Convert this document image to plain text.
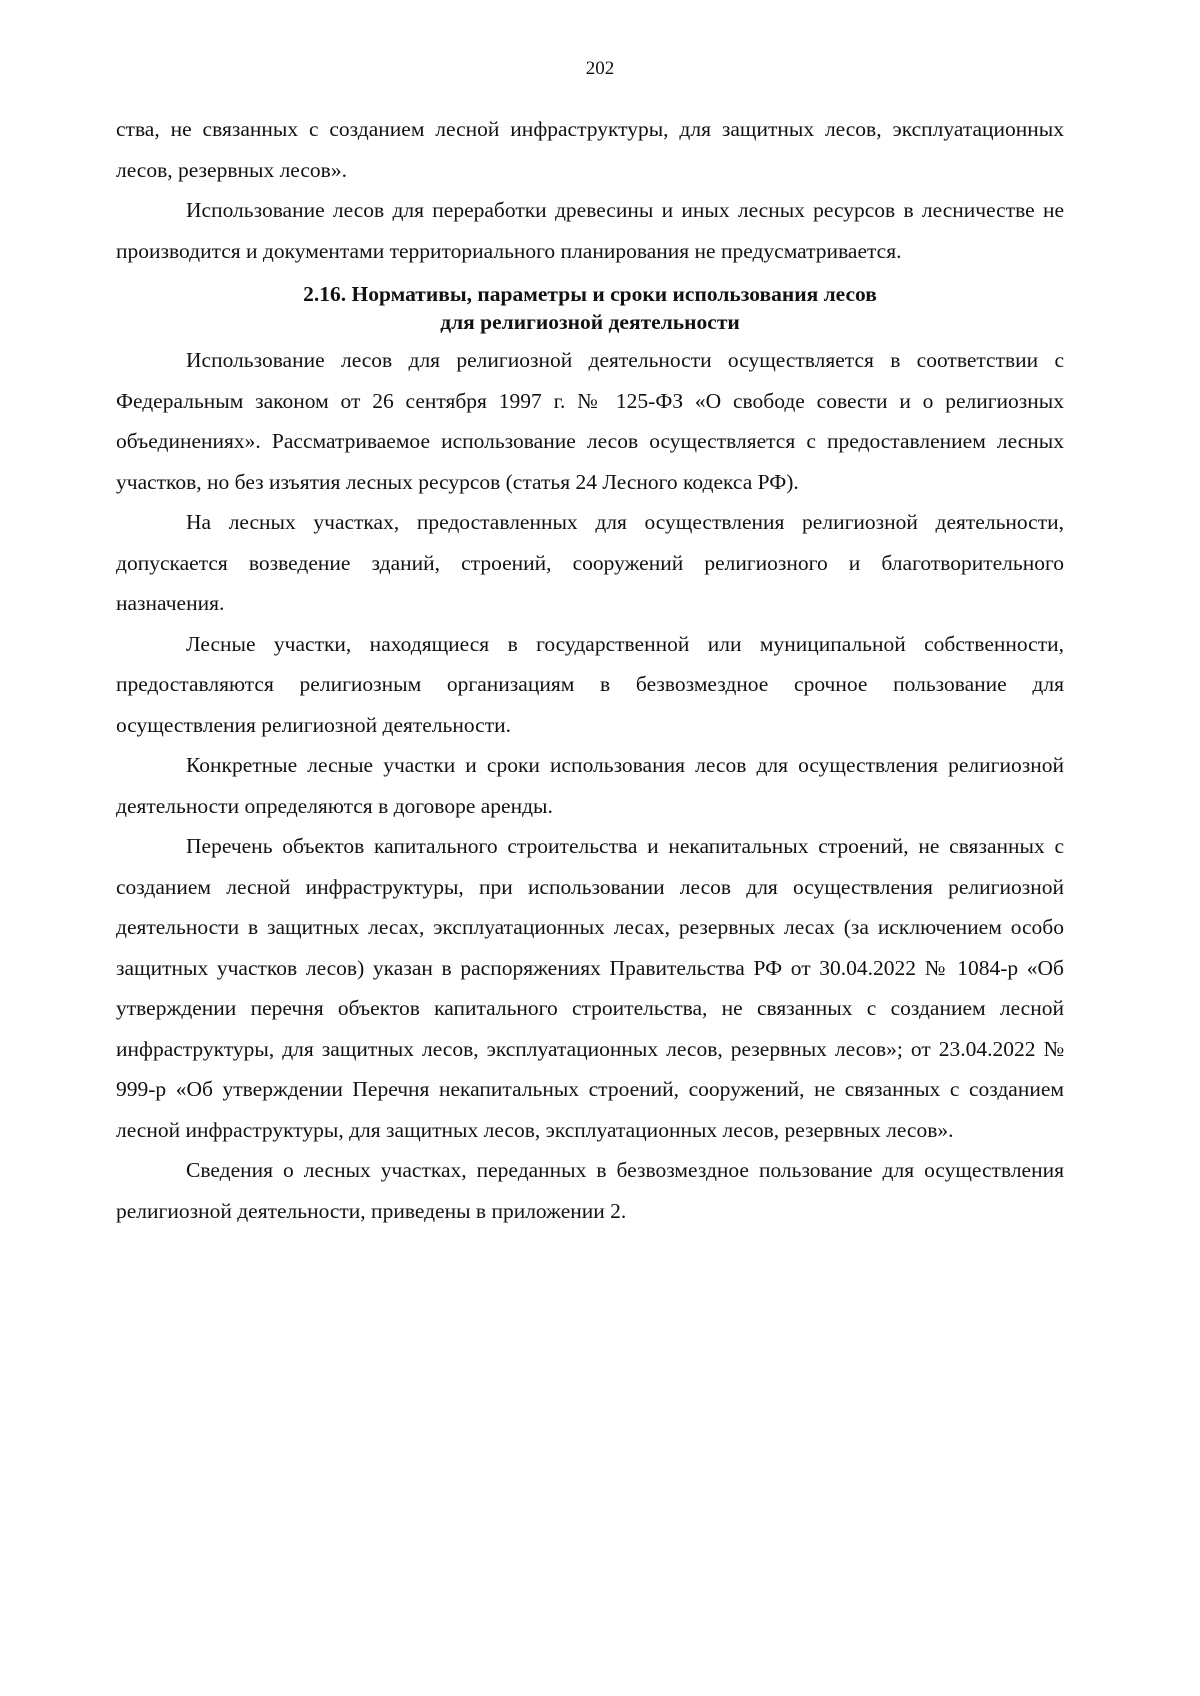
202

ства, не связанных с созданием лесной инфраструктуры, для защитных лесов, эксплуатационных лесов, резервных лесов».

Использование лесов для переработки древесины и иных лесных ресурсов в лесничестве не производится и документами территориального планирования не предусматривается.

2.16. Нормативы, параметры и сроки использования лесов
для религиозной деятельности

Использование лесов для религиозной деятельности осуществляется в соответствии с Федеральным законом от 26 сентября 1997 г. № 125-ФЗ «О свободе совести и о религиозных объединениях». Рассматриваемое использование лесов осуществляется с предоставлением лесных участков, но без изъятия лесных ресурсов (статья 24 Лесного кодекса РФ).

На лесных участках, предоставленных для осуществления религиозной деятельности, допускается возведение зданий, строений, сооружений религиозного и благотворительного назначения.

Лесные участки, находящиеся в государственной или муниципальной собственности, предоставляются религиозным организациям в безвозмездное срочное пользование для осуществления религиозной деятельности.

Конкретные лесные участки и сроки использования лесов для осуществления религиозной деятельности определяются в договоре аренды.

Перечень объектов капитального строительства и некапитальных строений, не связанных с созданием лесной инфраструктуры, при использовании лесов для осуществления религиозной деятельности в защитных лесах, эксплуатационных лесах, резервных лесах (за исключением особо защитных участков лесов) указан в распоряжениях Правительства РФ от 30.04.2022 № 1084-р «Об утверждении перечня объектов капитального строительства, не связанных с созданием лесной инфраструктуры, для защитных лесов, эксплуатационных лесов, резервных лесов»; от 23.04.2022 № 999-р «Об утверждении Перечня некапитальных строений, сооружений, не связанных с созданием лесной инфраструктуры, для защитных лесов, эксплуатационных лесов, резервных лесов».

Сведения о лесных участках, переданных в безвозмездное пользование для осуществления религиозной деятельности, приведены в приложении 2.
